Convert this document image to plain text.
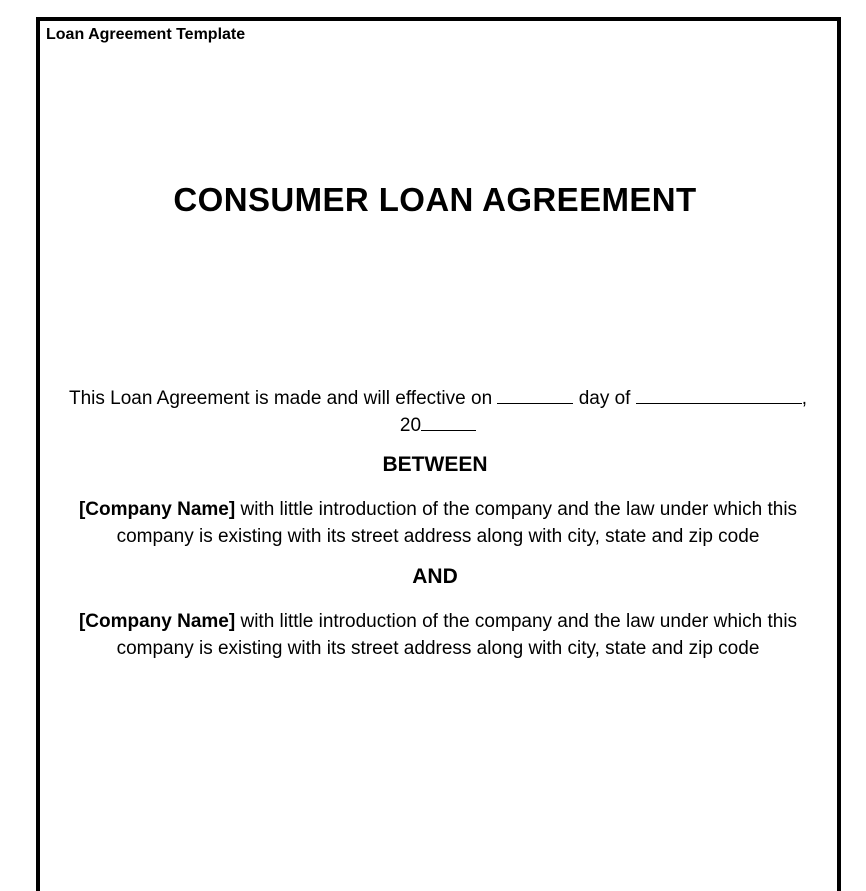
Loan Agreement Template
CONSUMER LOAN AGREEMENT
This Loan Agreement is made and will effective on	day of	,
20
BETWEEN
[Company Name] with little introduction of the company and the law under which this company is existing with its street address along with city, state and zip code
AND
[Company Name] with little introduction of the company and the law under which this company is existing with its street address along with city, state and zip code
